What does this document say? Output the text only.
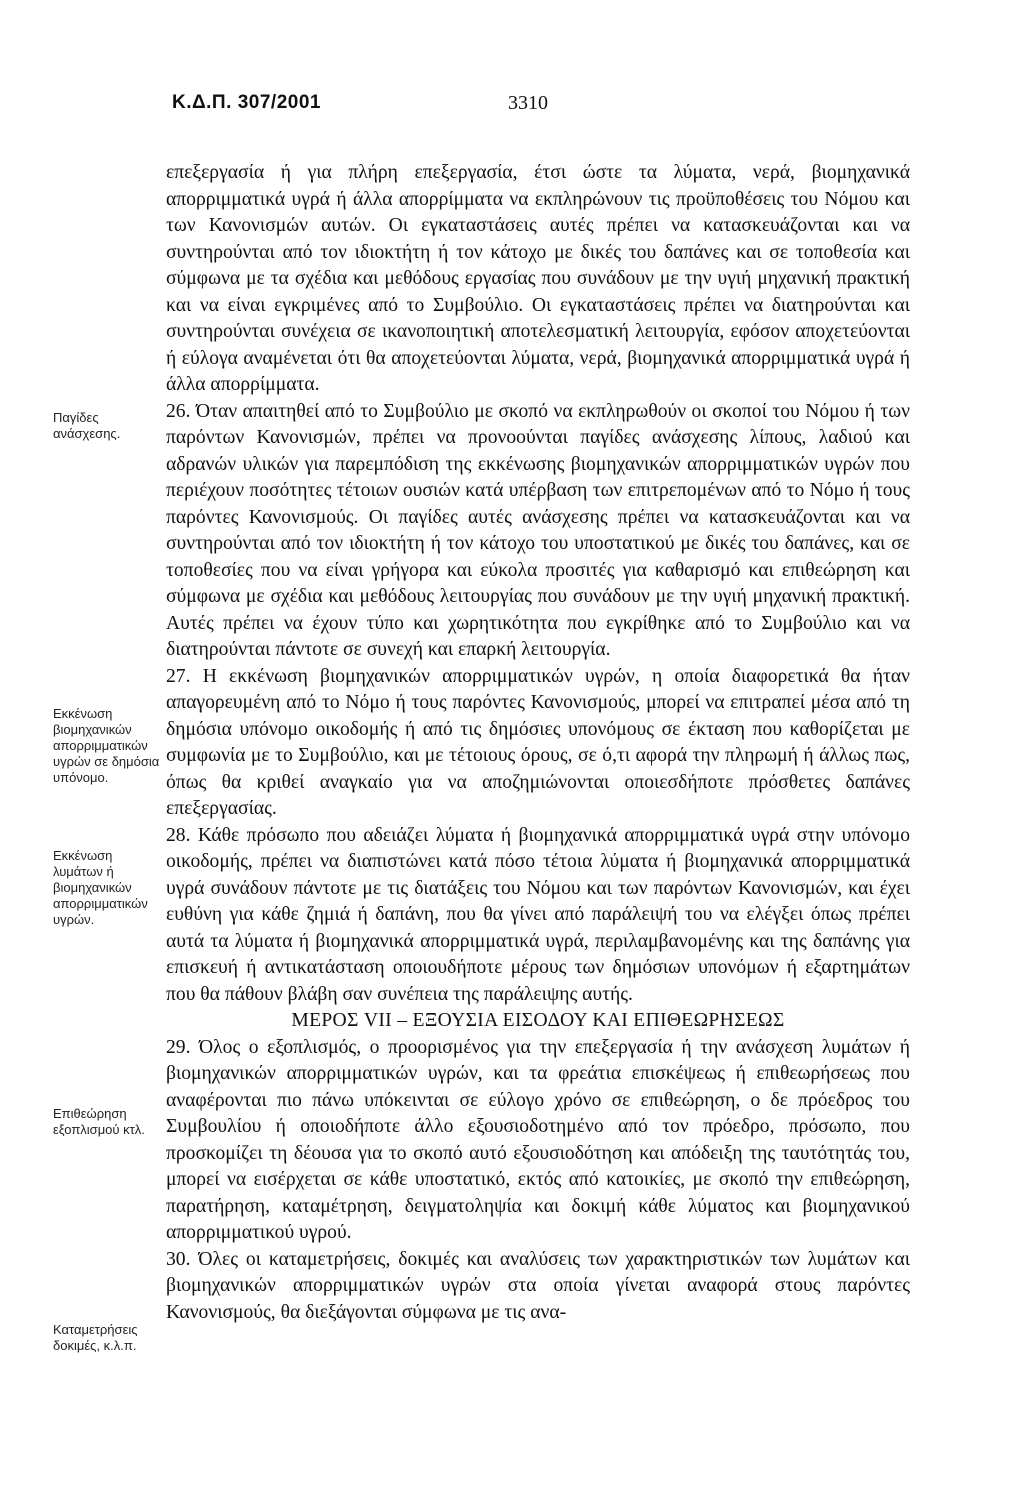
Κ.Δ.Π. 307/2001	3310
Παγίδες ανάσχεσης.
Εκκένωση βιομηχανικών απορριμματικών υγρών σε δημόσια υπόνομο.
Εκκένωση λυμάτων ή βιομηχανικών απορριμματικών υγρών.
Επιθεώρηση εξοπλισμού κτλ.
Καταμετρήσεις δοκιμές, κ.λ.π.

επεξεργασία ή για πλήρη επεξεργασία, έτσι ώστε τα λύματα, νερά, βιομηχανικά απορριμματικά υγρά ή άλλα απορρίμματα να εκπληρώνουν τις προϋποθέσεις του Νόμου και των Κανονισμών αυτών. Οι εγκαταστάσεις αυτές πρέπει να κατασκευάζονται και να συντηρούνται από τον ιδιοκτήτη ή τον κάτοχο με δικές του δαπάνες και σε τοποθεσία και σύμφωνα με τα σχέδια και μεθόδους εργασίας που συνάδουν με την υγιή μηχανική πρακτική και να είναι εγκριμένες από το Συμβούλιο. Οι εγκαταστάσεις πρέπει να διατηρούνται και συντηρούνται συνέχεια σε ικανοποιητική αποτελεσματική λειτουργία, εφόσον αποχετεύονται ή εύλογα αναμένεται ότι θα αποχετεύονται λύματα, νερά, βιομηχανικά απορριμματικά υγρά ή άλλα απορρίμματα.

26. Όταν απαιτηθεί από το Συμβούλιο με σκοπό να εκπληρωθούν οι σκοποί του Νόμου ή των παρόντων Κανονισμών, πρέπει να προνοούνται παγίδες ανάσχεσης λίπους, λαδιού και αδρανών υλικών για παρεμπόδιση της εκκένωσης βιομηχανικών απορριμματικών υγρών που περιέχουν ποσότητες τέτοιων ουσιών κατά υπέρβαση των επιτρεπομένων από το Νόμο ή τους παρόντες Κανονισμούς. Οι παγίδες αυτές ανάσχεσης πρέπει να κατασκευάζονται και να συντηρούνται από τον ιδιοκτήτη ή τον κάτοχο του υποστατικού με δικές του δαπάνες, και σε τοποθεσίες που να είναι γρήγορα και εύκολα προσιτές για καθαρισμό και επιθεώρηση και σύμφωνα με σχέδια και μεθόδους λειτουργίας που συνάδουν με την υγιή μηχανική πρακτική. Αυτές πρέπει να έχουν τύπο και χωρητικότητα που εγκρίθηκε από το Συμβούλιο και να διατηρούνται πάντοτε σε συνεχή και επαρκή λειτουργία.

27. Η εκκένωση βιομηχανικών απορριμματικών υγρών, η οποία διαφορετικά θα ήταν απαγορευμένη από το Νόμο ή τους παρόντες Κανονισμούς, μπορεί να επιτραπεί μέσα από τη δημόσια υπόνομο οικοδομής ή από τις δημόσιες υπονόμους σε έκταση που καθορίζεται με συμφωνία με το Συμβούλιο, και με τέτοιους όρους, σε ό,τι αφορά την πληρωμή ή άλλως πως, όπως θα κριθεί αναγκαίο για να αποζημιώνονται οποιεσδήποτε πρόσθετες δαπάνες επεξεργασίας.

28. Κάθε πρόσωπο που αδειάζει λύματα ή βιομηχανικά απορριμματικά υγρά στην υπόνομο οικοδομής, πρέπει να διαπιστώνει κατά πόσο τέτοια λύματα ή βιομηχανικά απορριμματικά υγρά συνάδουν πάντοτε με τις διατάξεις του Νόμου και των παρόντων Κανονισμών, και έχει ευθύνη για κάθε ζημιά ή δαπάνη, που θα γίνει από παράλειψή του να ελέγξει όπως πρέπει αυτά τα λύματα ή βιομηχανικά απορριμματικά υγρά, περιλαμβανομένης και της δαπάνης για επισκευή ή αντικατάσταση οποιουδήποτε μέρους των δημόσιων υπονόμων ή εξαρτημάτων που θα πάθουν βλάβη σαν συνέπεια της παράλειψης αυτής.

ΜΕΡΟΣ VII – ΕΞΟΥΣΙΑ ΕΙΣΟΔΟΥ ΚΑΙ ΕΠΙΘΕΩΡΗΣΕΩΣ

29. Όλος ο εξοπλισμός, ο προορισμένος για την επεξεργασία ή την ανάσχεση λυμάτων ή βιομηχανικών απορριμματικών υγρών, και τα φρεάτια επισκέψεως ή επιθεωρήσεως που αναφέρονται πιο πάνω υπόκεινται σε εύλογο χρόνο σε επιθεώρηση, ο δε πρόεδρος του Συμβουλίου ή οποιοδήποτε άλλο εξουσιοδοτημένο από τον πρόεδρο, πρόσωπο, που προσκομίζει τη δέουσα για το σκοπό αυτό εξουσιοδότηση και απόδειξη της ταυτότητάς του, μπορεί να εισέρχεται σε κάθε υποστατικό, εκτός από κατοικίες, με σκοπό την επιθεώρηση, παρατήρηση, καταμέτρηση, δειγματοληψία και δοκιμή κάθε λύματος και βιομηχανικού απορριμματικού υγρού.

30. Όλες οι καταμετρήσεις, δοκιμές και αναλύσεις των χαρακτηριστικών των λυμάτων και βιομηχανικών απορριμματικών υγρών στα οποία γίνεται αναφορά στους παρόντες Κανονισμούς, θα διεξάγονται σύμφωνα με τις ανα-
